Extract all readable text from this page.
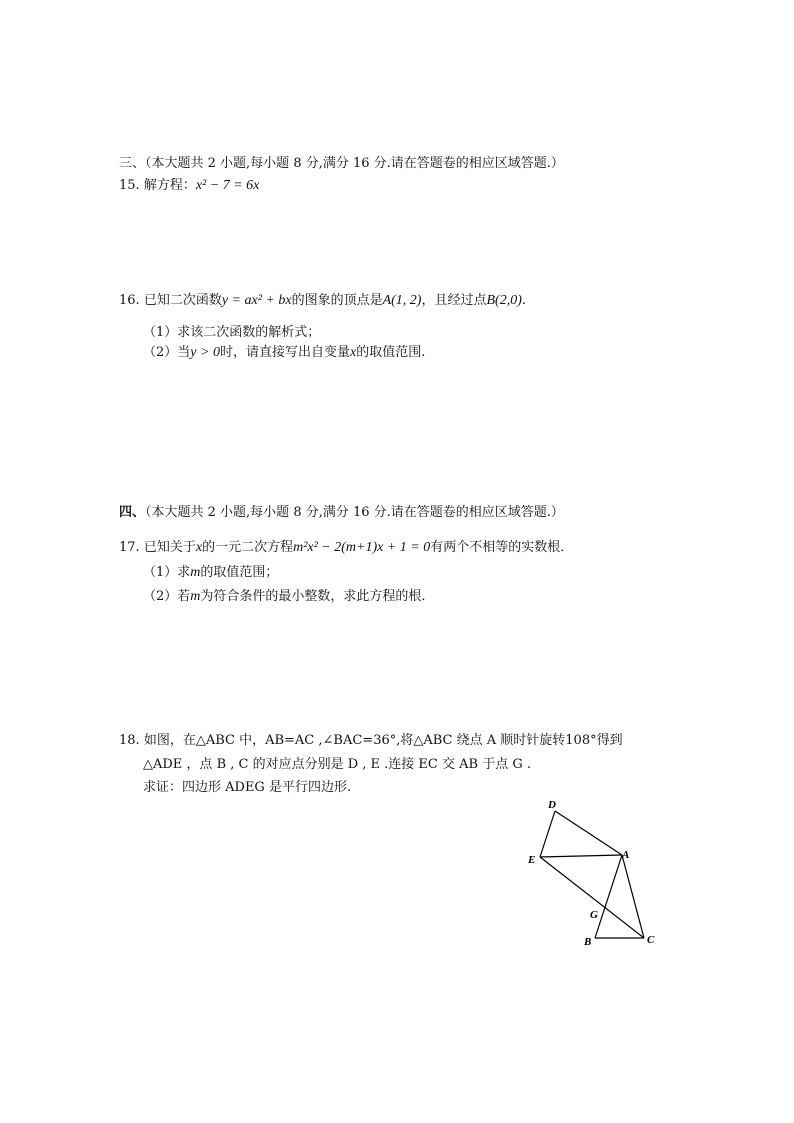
三、（本大题共 2 小题,每小题 8 分,满分 16 分.请在答题卷的相应区域答题.）
15. 解方程：x² − 7 = 6x
16. 已知二次函数y = ax² + bx的图象的顶点是A(1, 2)，且经过点B(2,0).
（1）求该二次函数的解析式；
（2）当y > 0时，请直接写出自变量x的取值范围.
四、（本大题共 2 小题,每小题 8 分,满分 16 分.请在答题卷的相应区域答题.）
17. 已知关于x的一元二次方程m²x² − 2(m+1)x + 1 = 0有两个不相等的实数根．
（1）求m的取值范围；
（2）若m为符合条件的最小整数，求此方程的根．
18. 如图，在△ABC 中，AB=AC ,∠BAC=36°,将△ABC 绕点 A 顺时针旋转108°得到
△ADE ，点 B , C 的对应点分别是 D , E .连接 EC 交 AB 于点 G .
求证：四边形 ADEG 是平行四边形.
D
A
E
G
B	C
